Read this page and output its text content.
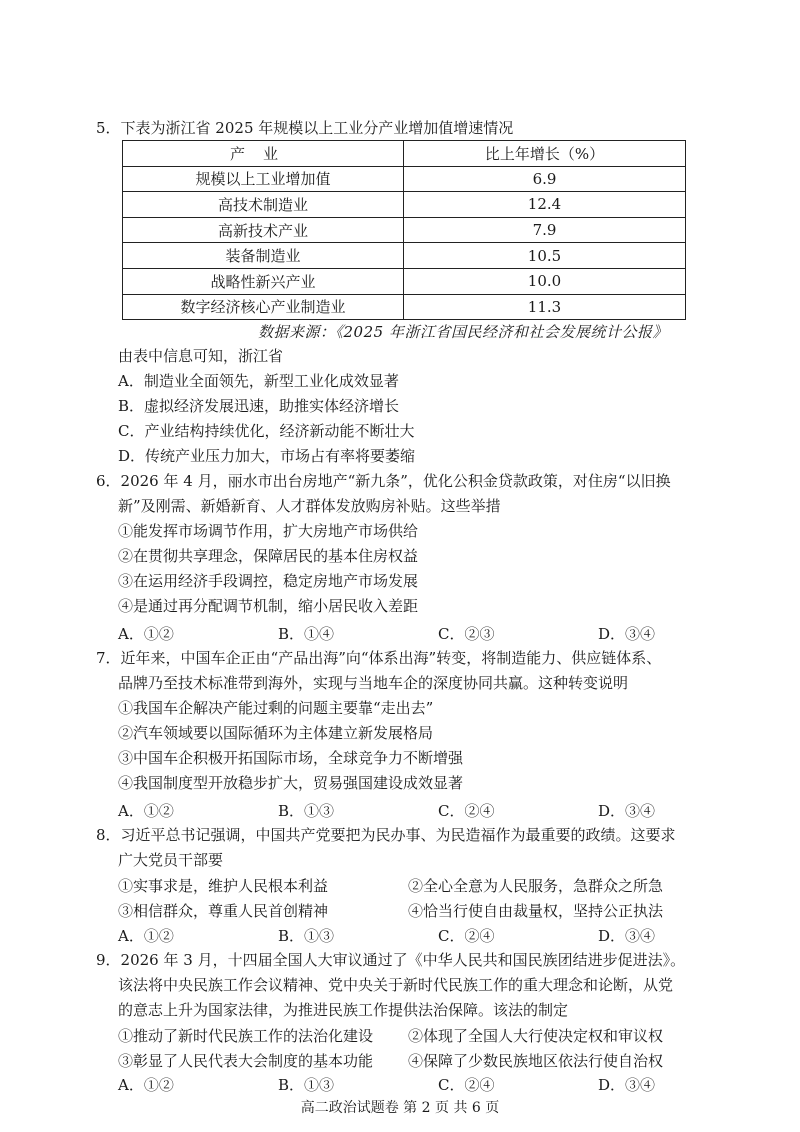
5．下表为浙江省 2025 年规模以上工业分产业增加值增速情况
产业	比上年增长（%）
规模以上工业增加值	6.9
高技术制造业	12.4
高新技术产业	7.9
装备制造业	10.5
战略性新兴产业	10.0
数字经济核心产业制造业	11.3
数据来源：《2025 年浙江省国民经济和社会发展统计公报》
由表中信息可知，浙江省
A．制造业全面领先，新型工业化成效显著
B．虚拟经济发展迅速，助推实体经济增长
C．产业结构持续优化，经济新动能不断壮大
D．传统产业压力加大，市场占有率将要萎缩
6．2026 年 4 月，丽水市出台房地产“新九条”，优化公积金贷款政策，对住房“以旧换
新”及刚需、新婚新育、人才群体发放购房补贴。这些举措
①能发挥市场调节作用，扩大房地产市场供给
②在贯彻共享理念，保障居民的基本住房权益
③在运用经济手段调控，稳定房地产市场发展
④是通过再分配调节机制，缩小居民收入差距
A．①②	B．①④	C．②③	D．③④
7．近年来，中国车企正由“产品出海”向“体系出海”转变，将制造能力、供应链体系、
品牌乃至技术标准带到海外，实现与当地车企的深度协同共赢。这种转变说明
①我国车企解决产能过剩的问题主要靠“走出去”
②汽车领域要以国际循环为主体建立新发展格局
③中国车企积极开拓国际市场，全球竞争力不断增强
④我国制度型开放稳步扩大，贸易强国建设成效显著
A．①②	B．①③	C．②④	D．③④
8．习近平总书记强调，中国共产党要把为民办事、为民造福作为最重要的政绩。这要求
广大党员干部要
①实事求是，维护人民根本利益	②全心全意为人民服务，急群众之所急
③相信群众，尊重人民首创精神	④恰当行使自由裁量权，坚持公正执法
A．①②	B．①③	C．②④	D．③④
9．2026 年 3 月，十四届全国人大审议通过了《中华人民共和国民族团结进步促进法》。
该法将中央民族工作会议精神、党中央关于新时代民族工作的重大理念和论断，从党
的意志上升为国家法律，为推进民族工作提供法治保障。该法的制定
①推动了新时代民族工作的法治化建设	②体现了全国人大行使决定权和审议权
③彰显了人民代表大会制度的基本功能	④保障了少数民族地区依法行使自治权
A．①②	B．①③	C．②④	D．③④
高二政治试题卷 第 2 页 共 6 页
